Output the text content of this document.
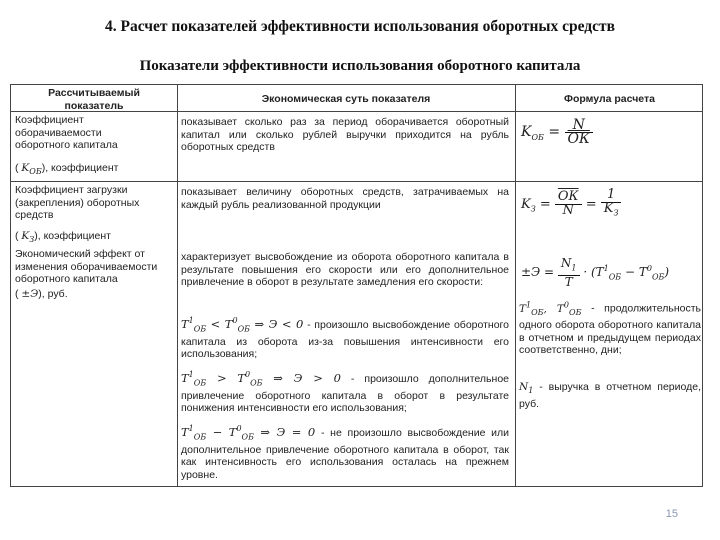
4. Расчет показателей эффективности использования оборотных средств
Показатели эффективности использования оборотного капитала
Рассчитываемый
показатель
Экономическая суть показателя	Формула расчета
Коэффициент
оборачиваемости
оборотного капитала
( $K_{ОБ}$), коэффициент
показывает сколько раз за период оборачивается оборотный капитал или сколько рублей выручки приходится на рубль оборотных средств
$K_{ОБ} = \frac{N}{ОК}$
Коэффициент загрузки
(закрепления) оборотных
средств
( $K_З$), коэффициент
показывает величину оборотных средств, затрачиваемых на каждый рубль реализованной продукции	$K_З = \frac{ОК}{N} = \frac{1}{K_З}$
Экономический эффект от
изменения оборачиваемости
оборотного капитала
( ±Э), руб.
характеризует высвобождение из оборота оборотного капитала в результате повышения его скорости или его дополнительное привлечение в оборот в результате замедления его скорости:
$T^1_{ОБ} < T^0_{ОБ}$ ⇒ Э < 0 - произошло высвобождение оборотного капитала из оборота из-за повышения интенсивности его использования;
$T^1_{ОБ} > T^0_{ОБ}$ ⇒ Э > 0 - произошло дополнительное привлечение оборотного капитала в оборот в результате понижения интенсивности его использования;
$T^1_{ОБ} - T^0_{ОБ}$ ⇒ Э = 0 - не произошло высвобождение или дополнительное привлечение оборотного капитала в оборот, так как интенсивность его использования осталась на прежнем уровне.
$\pm Э = \frac{N_1}{T} \cdot (T^1_{ОБ} - T^0_{ОБ})$
$T^1_{ОБ}$, $T^0_{ОБ}$ - продолжительность одного оборота оборотного капитала в отчетном и предыдущем периодах соответственно, дни;
$N_1$ - выручка в отчетном периоде, руб.
15
